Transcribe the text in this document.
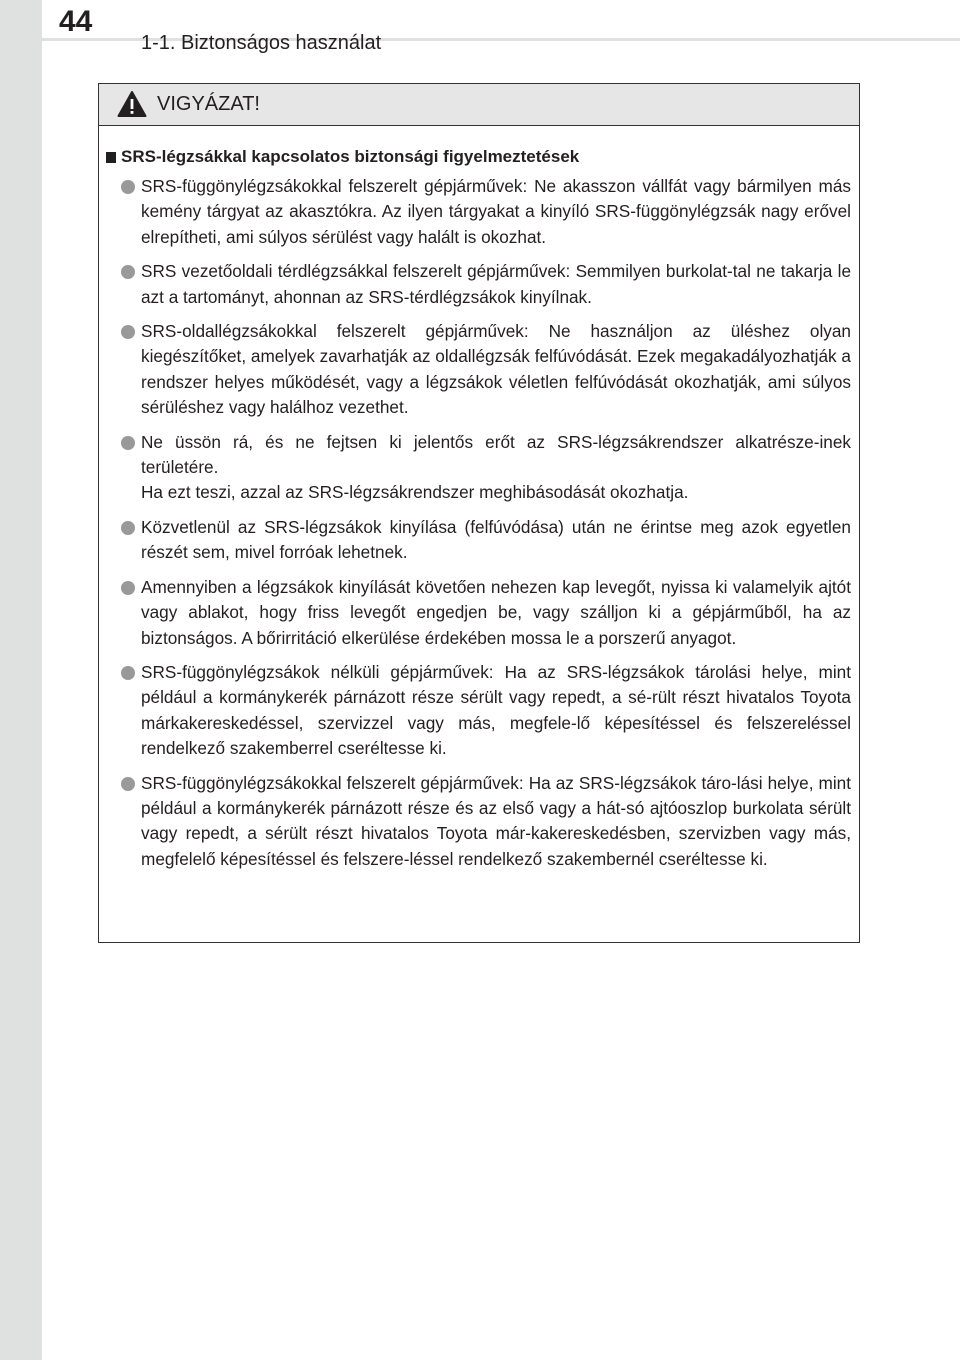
44
1-1. Biztonságos használat
VIGYÁZAT!
SRS-légzsákkal kapcsolatos biztonsági figyelmeztetések
SRS-függönylégzsákokkal felszerelt gépjárművek: Ne akasszon vállfát vagy bármilyen más kemény tárgyat az akasztókra. Az ilyen tárgyakat a kinyíló SRS-függönylégzsák nagy erővel elrepítheti, ami súlyos sérülést vagy halált is okozhat.
SRS vezetőoldali térdlégzsákkal felszerelt gépjárművek: Semmilyen burkolat-tal ne takarja le azt a tartományt, ahonnan az SRS-térdlégzsákok kinyílnak.
SRS-oldallégzsákokkal felszerelt gépjárművek: Ne használjon az üléshez olyan kiegészítőket, amelyek zavarhatják az oldallégzsák felfúvódását. Ezek megakadályozhatják a rendszer helyes működését, vagy a légzsákok véletlen felfúvódását okozhatják, ami súlyos sérüléshez vagy halálhoz vezethet.
Ne üssön rá, és ne fejtsen ki jelentős erőt az SRS-légzsákrendszer alkatrésze-inek területére.
Ha ezt teszi, azzal az SRS-légzsákrendszer meghibásodását okozhatja.
Közvetlenül az SRS-légzsákok kinyílása (felfúvódása) után ne érintse meg azok egyetlen részét sem, mivel forróak lehetnek.
Amennyiben a légzsákok kinyílását követően nehezen kap levegőt, nyissa ki valamelyik ajtót vagy ablakot, hogy friss levegőt engedjen be, vagy szálljon ki a gépjárműből, ha az biztonságos. A bőrirritáció elkerülése érdekében mossa le a porszerű anyagot.
SRS-függönylégzsákok nélküli gépjárművek: Ha az SRS-légzsákok tárolási helye, mint például a kormánykerék párnázott része sérült vagy repedt, a sé-rült részt hivatalos Toyota márkakereskedéssel, szervizzel vagy más, megfele-lő képesítéssel és felszereléssel rendelkező szakemberrel cseréltesse ki.
SRS-függönylégzsákokkal felszerelt gépjárművek: Ha az SRS-légzsákok táro-lási helye, mint például a kormánykerék párnázott része és az első vagy a hát-só ajtóoszlop burkolata sérült vagy repedt, a sérült részt hivatalos Toyota már-kakereskedésben, szervizben vagy más, megfelelő képesítéssel és felszere-léssel rendelkező szakembernél cseréltesse ki.
